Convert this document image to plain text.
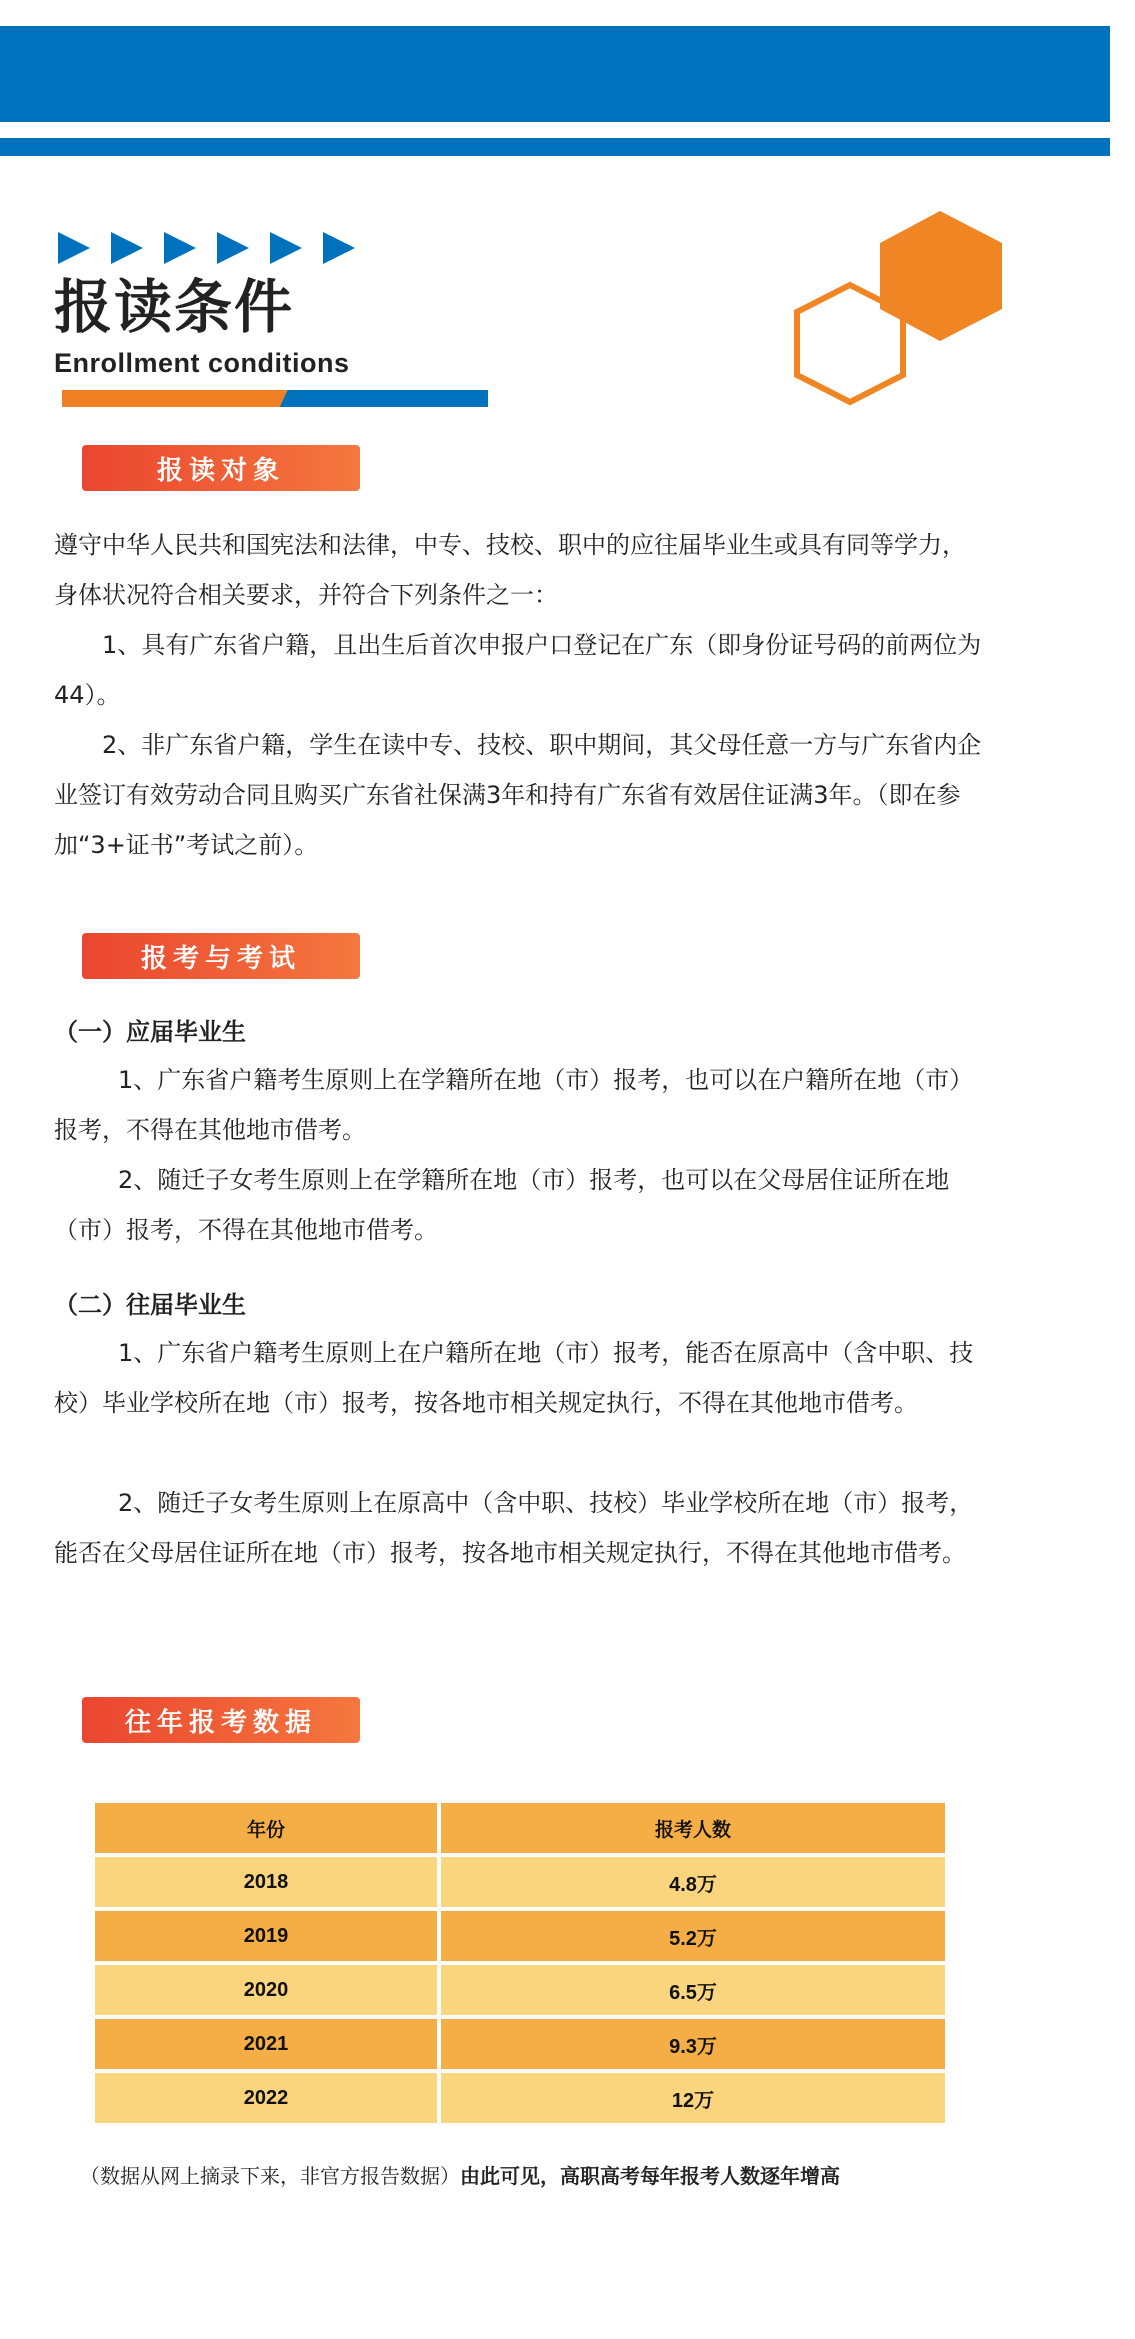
报读条件
Enrollment conditions
报读对象

遵守中华人民共和国宪法和法律，中专、技校、职中的应往届毕业生或具有同等学力，身体状况符合相关要求，并符合下列条件之一：

1、具有广东省户籍，且出生后首次申报户口登记在广东（即身份证号码的前两位为44）。

2、非广东省户籍，学生在读中专、技校、职中期间，其父母任意一方与广东省内企业签订有效劳动合同且购买广东省社保满3年和持有广东省有效居住证满3年。（即在参加“3+证书”考试之前）。

报考与考试
（一）应届毕业生

1、广东省户籍考生原则上在学籍所在地（市）报考，也可以在户籍所在地（市）报考，不得在其他地市借考。

2、随迁子女考生原则上在学籍所在地（市）报考，也可以在父母居住证所在地（市）报考，不得在其他地市借考。

（二）往届毕业生

1、广东省户籍考生原则上在户籍所在地（市）报考，能否在原高中（含中职、技校）毕业学校所在地（市）报考，按各地市相关规定执行，不得在其他地市借考。

2、随迁子女考生原则上在原高中（含中职、技校）毕业学校所在地（市）报考，能否在父母居住证所在地（市）报考，按各地市相关规定执行，不得在其他地市借考。

往年报考数据
年份	报考人数
2018	4.8万
2019	5.2万
2020	6.5万
2021	9.3万
2022	12万
（数据从网上摘录下来，非官方报告数据）由此可见，高职高考每年报考人数逐年增高
